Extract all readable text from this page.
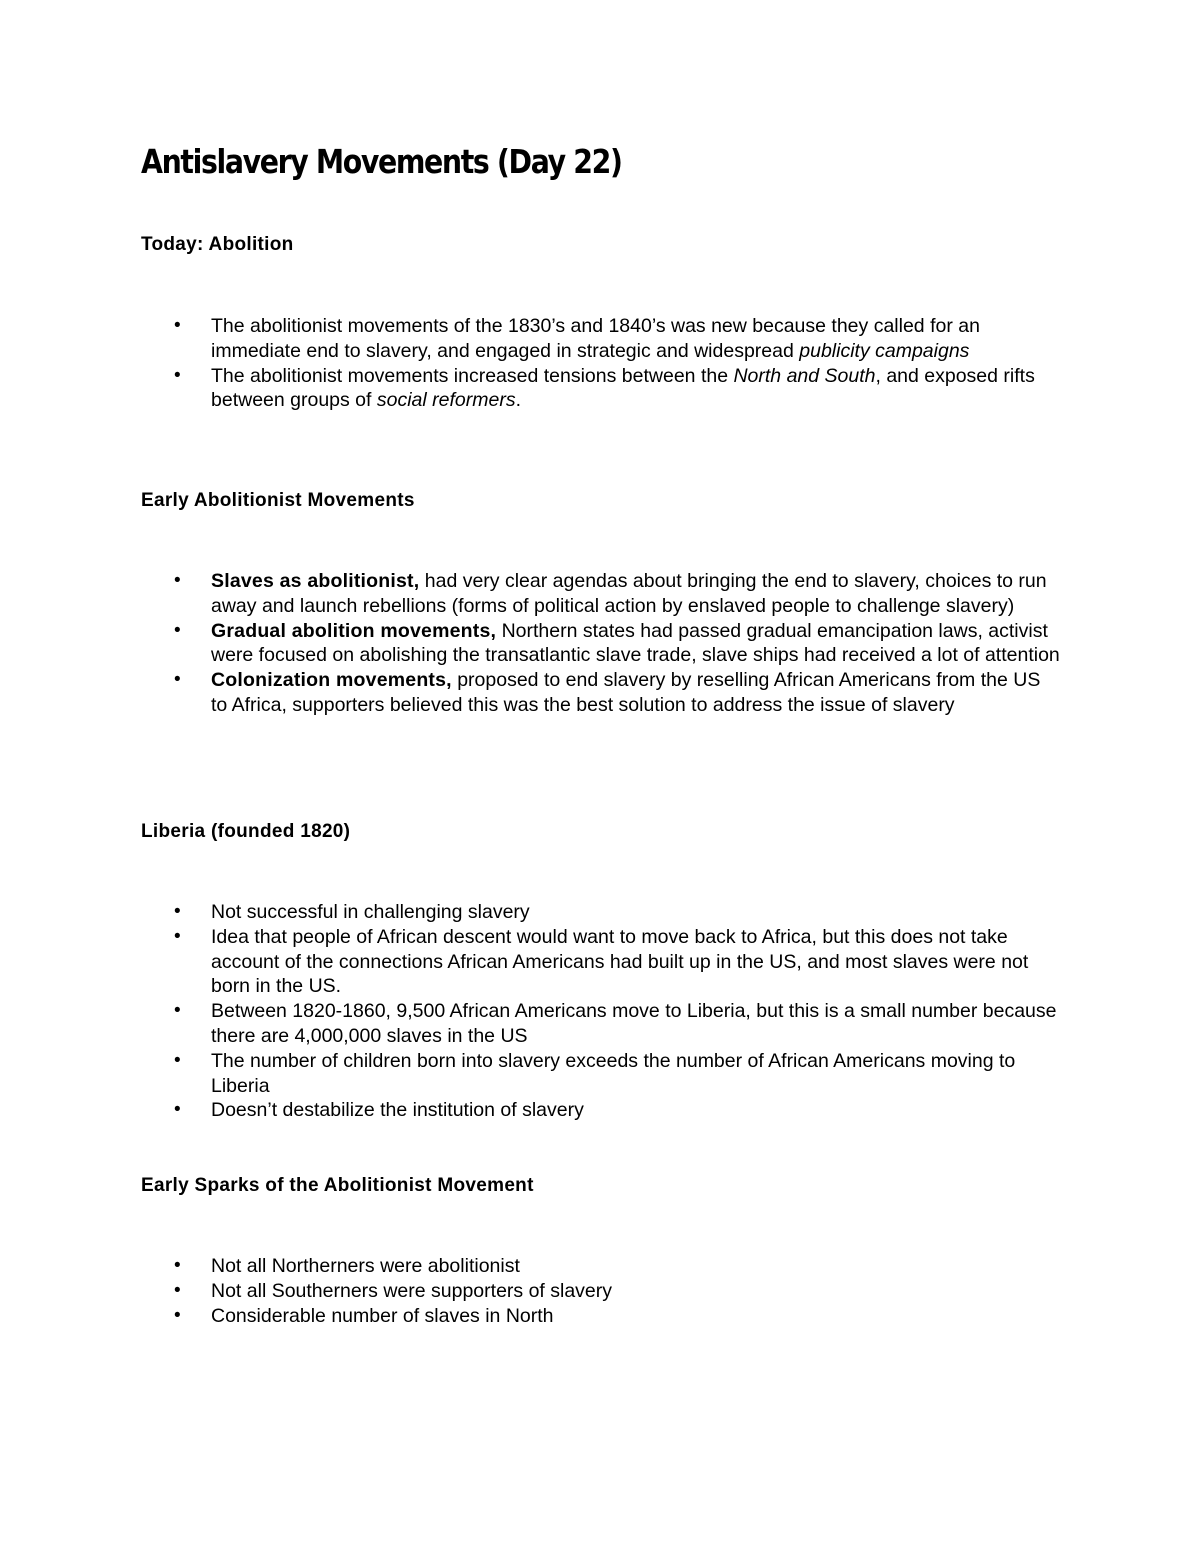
Antislavery Movements (Day 22)
Today: Abolition
• The abolitionist movements of the 1830’s and 1840’s was new because they called for an immediate end to slavery, and engaged in strategic and widespread publicity campaigns
• The abolitionist movements increased tensions between the North and South, and exposed rifts between groups of social reformers.
Early Abolitionist Movements
• Slaves as abolitionist, had very clear agendas about bringing the end to slavery, choices to run away and launch rebellions (forms of political action by enslaved people to challenge slavery)
• Gradual abolition movements, Northern states had passed gradual emancipation laws, activist were focused on abolishing the transatlantic slave trade, slave ships had received a lot of attention
• Colonization movements, proposed to end slavery by reselling African Americans from the US to Africa, supporters believed this was the best solution to address the issue of slavery
Liberia (founded 1820)
• Not successful in challenging slavery
• Idea that people of African descent would want to move back to Africa, but this does not take account of the connections African Americans had built up in the US, and most slaves were not born in the US.
• Between 1820-1860, 9,500 African Americans move to Liberia, but this is a small number because there are 4,000,000 slaves in the US
• The number of children born into slavery exceeds the number of African Americans moving to Liberia
• Doesn’t destabilize the institution of slavery
Early Sparks of the Abolitionist Movement
• Not all Northerners were abolitionist
• Not all Southerners were supporters of slavery
• Considerable number of slaves in North
